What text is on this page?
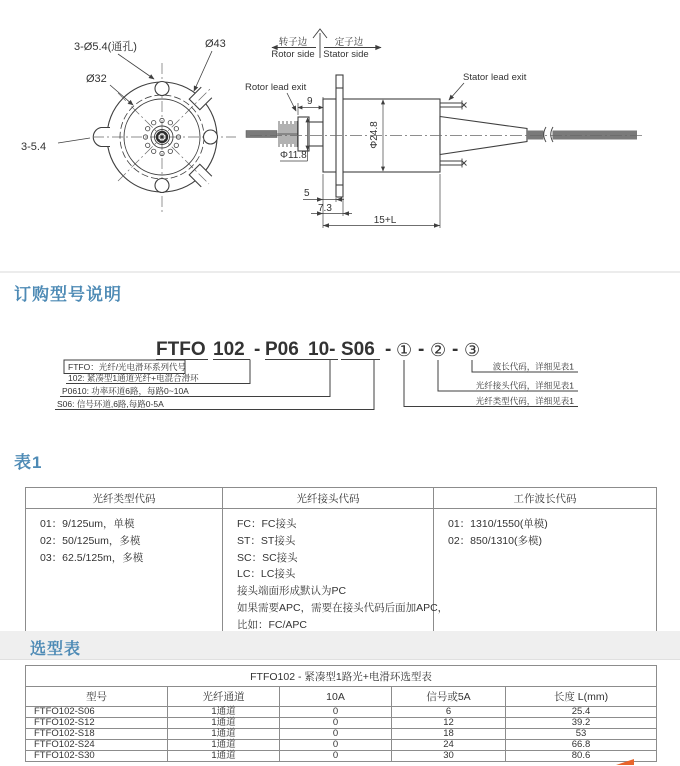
3-Ø5.4(通孔)	Ø43
Ø32
3-5.4
转子边
Rotor side
定子边
Stator side
Rotor lead exit
Stator lead exit
9
Φ11.8
Φ24.8
5
7.3
15+L
订购型号说明
FTFO 102 - P06 10- S06 - ① - ② - ③
FTFO：光纤/光电滑环系列代号
102: 紧凑型1通道光纤+电混合滑环
P0610: 功率环道6路，每路0~10A
S06: 信号环道,6路,每路0-5A
波长代码，详细见表1
光纤接头代码，详细见表1
光纤类型代码，详细见表1
表1
光纤类型代码	光纤接头代码	工作波长代码

01：9/125um，单模
02：50/125um，多模
03：62.5/125m，多模

FC：FC接头
ST：ST接头
SC：SC接头
LC：LC接头
接头端面形成默认为PC
如果需要APC，需要在接头代码后面加APC，
比如：FC/APC

01：1310/1550(单模)
02：850/1310(多模)
选型表
FTFO102 - 紧凑型1路光+电滑环选型表				
型号	光纤通道	10A	信号或5A	长度 L(mm)
FTFO102-S06	1通道	0	6	25.4
FTFO102-S12	1通道	0	12	39.2
FTFO102-S18	1通道	0	18	53
FTFO102-S24	1通道	0	24	66.8
FTFO102-S30	1通道	0	30	80.6
